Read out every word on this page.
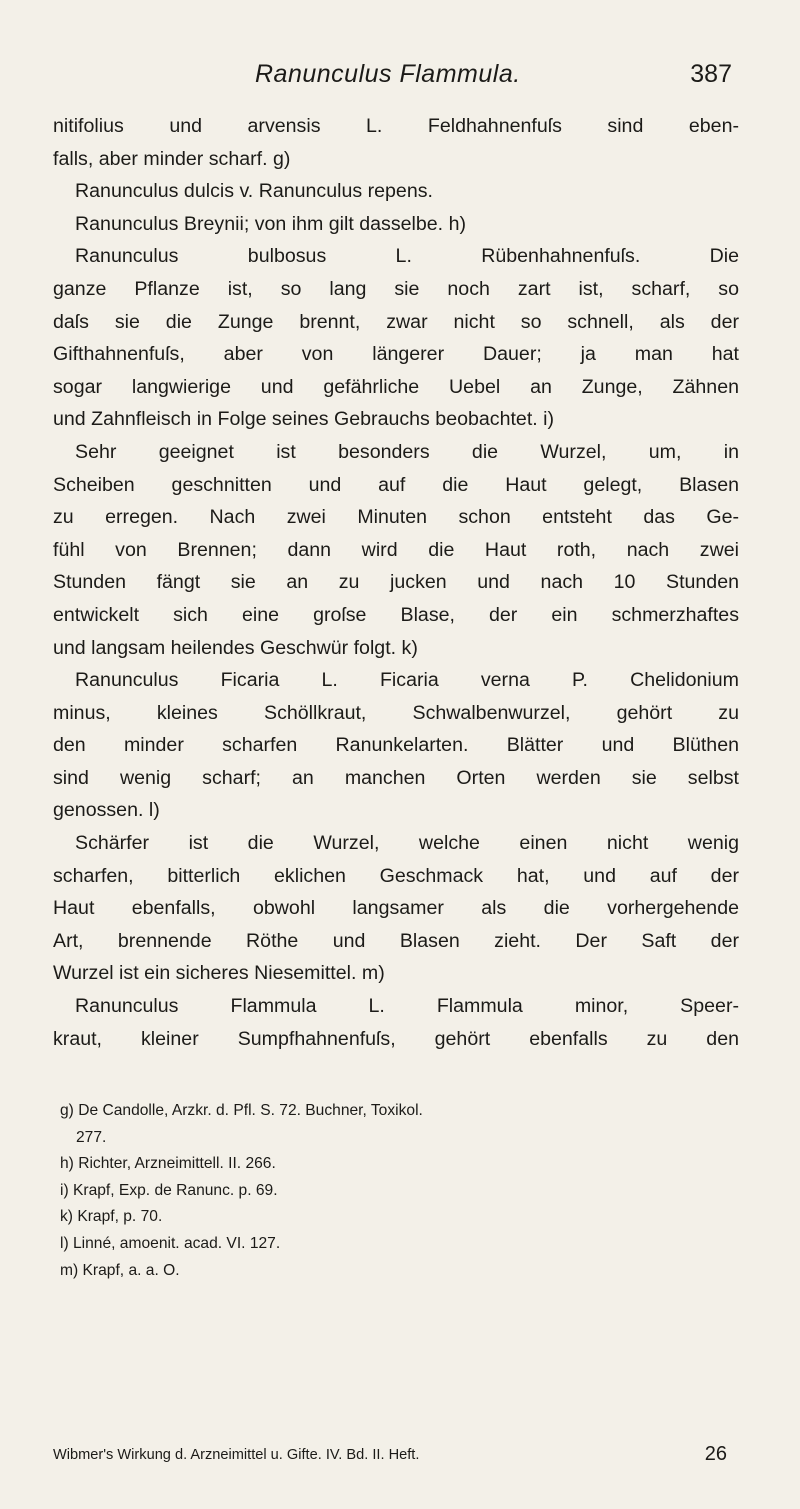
Ranunculus Flammula.	387
nitifolius und arvensis L. Feldhahnenfuſs sind eben-
falls, aber minder scharf. g)
Ranunculus dulcis v. Ranunculus repens.
Ranunculus Breynii; von ihm gilt dasselbe. h)
Ranunculus bulbosus L. Rübenhahnenfuſs. Die
ganze Pflanze ist, so lang sie noch zart ist, scharf, so
daſs sie die Zunge brennt, zwar nicht so schnell, als der
Gifthahnenfuſs, aber von längerer Dauer; ja man hat
sogar langwierige und gefährliche Uebel an Zunge, Zähnen
und Zahnfleisch in Folge seines Gebrauchs beobachtet. i)
Sehr geeignet ist besonders die Wurzel, um, in
Scheiben geschnitten und auf die Haut gelegt, Blasen
zu erregen. Nach zwei Minuten schon entsteht das Ge-
fühl von Brennen; dann wird die Haut roth, nach zwei
Stunden fängt sie an zu jucken und nach 10 Stunden
entwickelt sich eine groſse Blase, der ein schmerzhaftes
und langsam heilendes Geschwür folgt. k)
Ranunculus Ficaria L. Ficaria verna P. Chelidonium
minus, kleines Schöllkraut, Schwalbenwurzel, gehört zu
den minder scharfen Ranunkelarten. Blätter und Blüthen
sind wenig scharf; an manchen Orten werden sie selbst
genossen. l)
Schärfer ist die Wurzel, welche einen nicht wenig
scharfen, bitterlich eklichen Geschmack hat, und auf der
Haut ebenfalls, obwohl langsamer als die vorhergehende
Art, brennende Röthe und Blasen zieht. Der Saft der
Wurzel ist ein sicheres Niesemittel. m)
Ranunculus Flammula L. Flammula minor, Speer-
kraut, kleiner Sumpfhahnenfuſs, gehört ebenfalls zu den
g) De Candolle, Arzkr. d. Pfl. S. 72. Buchner, Toxikol.
277.
h) Richter, Arzneimittell. II. 266.
i) Krapf, Exp. de Ranunc. p. 69.
k) Krapf, p. 70.
l) Linné, amoenit. acad. VI. 127.
m) Krapf, a. a. O.
Wibmer's Wirkung d. Arzneimittel u. Gifte. IV. Bd. II. Heft.	26
